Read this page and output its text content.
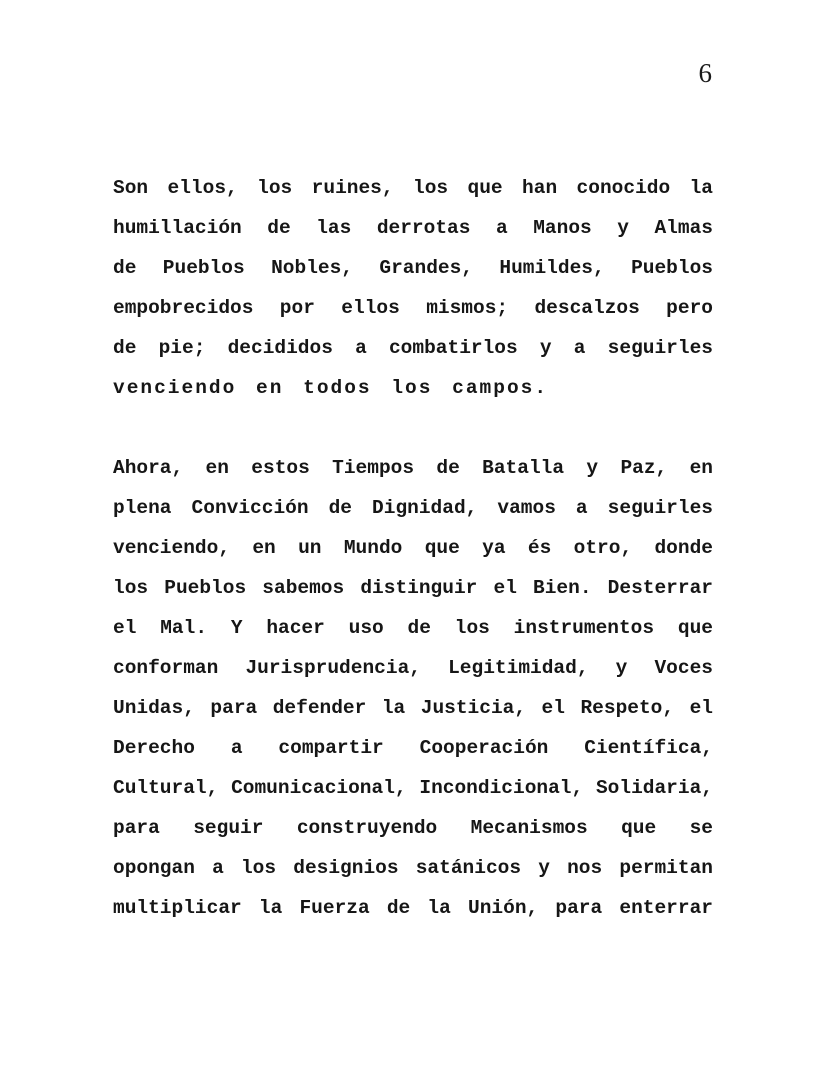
6
Son ellos, los ruines, los que han conocido la
humillación de las derrotas a Manos y Almas
de Pueblos Nobles, Grandes, Humildes, Pueblos
empobrecidos por ellos mismos; descalzos pero
de pie; decididos a combatirlos y a seguirles
venciendo en todos los campos.
Ahora, en estos Tiempos de Batalla y Paz, en
plena Convicción de Dignidad, vamos a seguirles
venciendo, en un Mundo que ya és otro, donde
los Pueblos sabemos distinguir el Bien. Desterrar
el Mal. Y hacer uso de los instrumentos que
conforman Jurisprudencia, Legitimidad, y Voces
Unidas, para defender la Justicia, el Respeto, el
Derecho a compartir Cooperación Científica,
Cultural, Comunicacional, Incondicional, Solidaria,
para seguir construyendo Mecanismos que se
opongan a los designios satánicos y nos permitan
multiplicar la Fuerza de la Unión, para enterrar
